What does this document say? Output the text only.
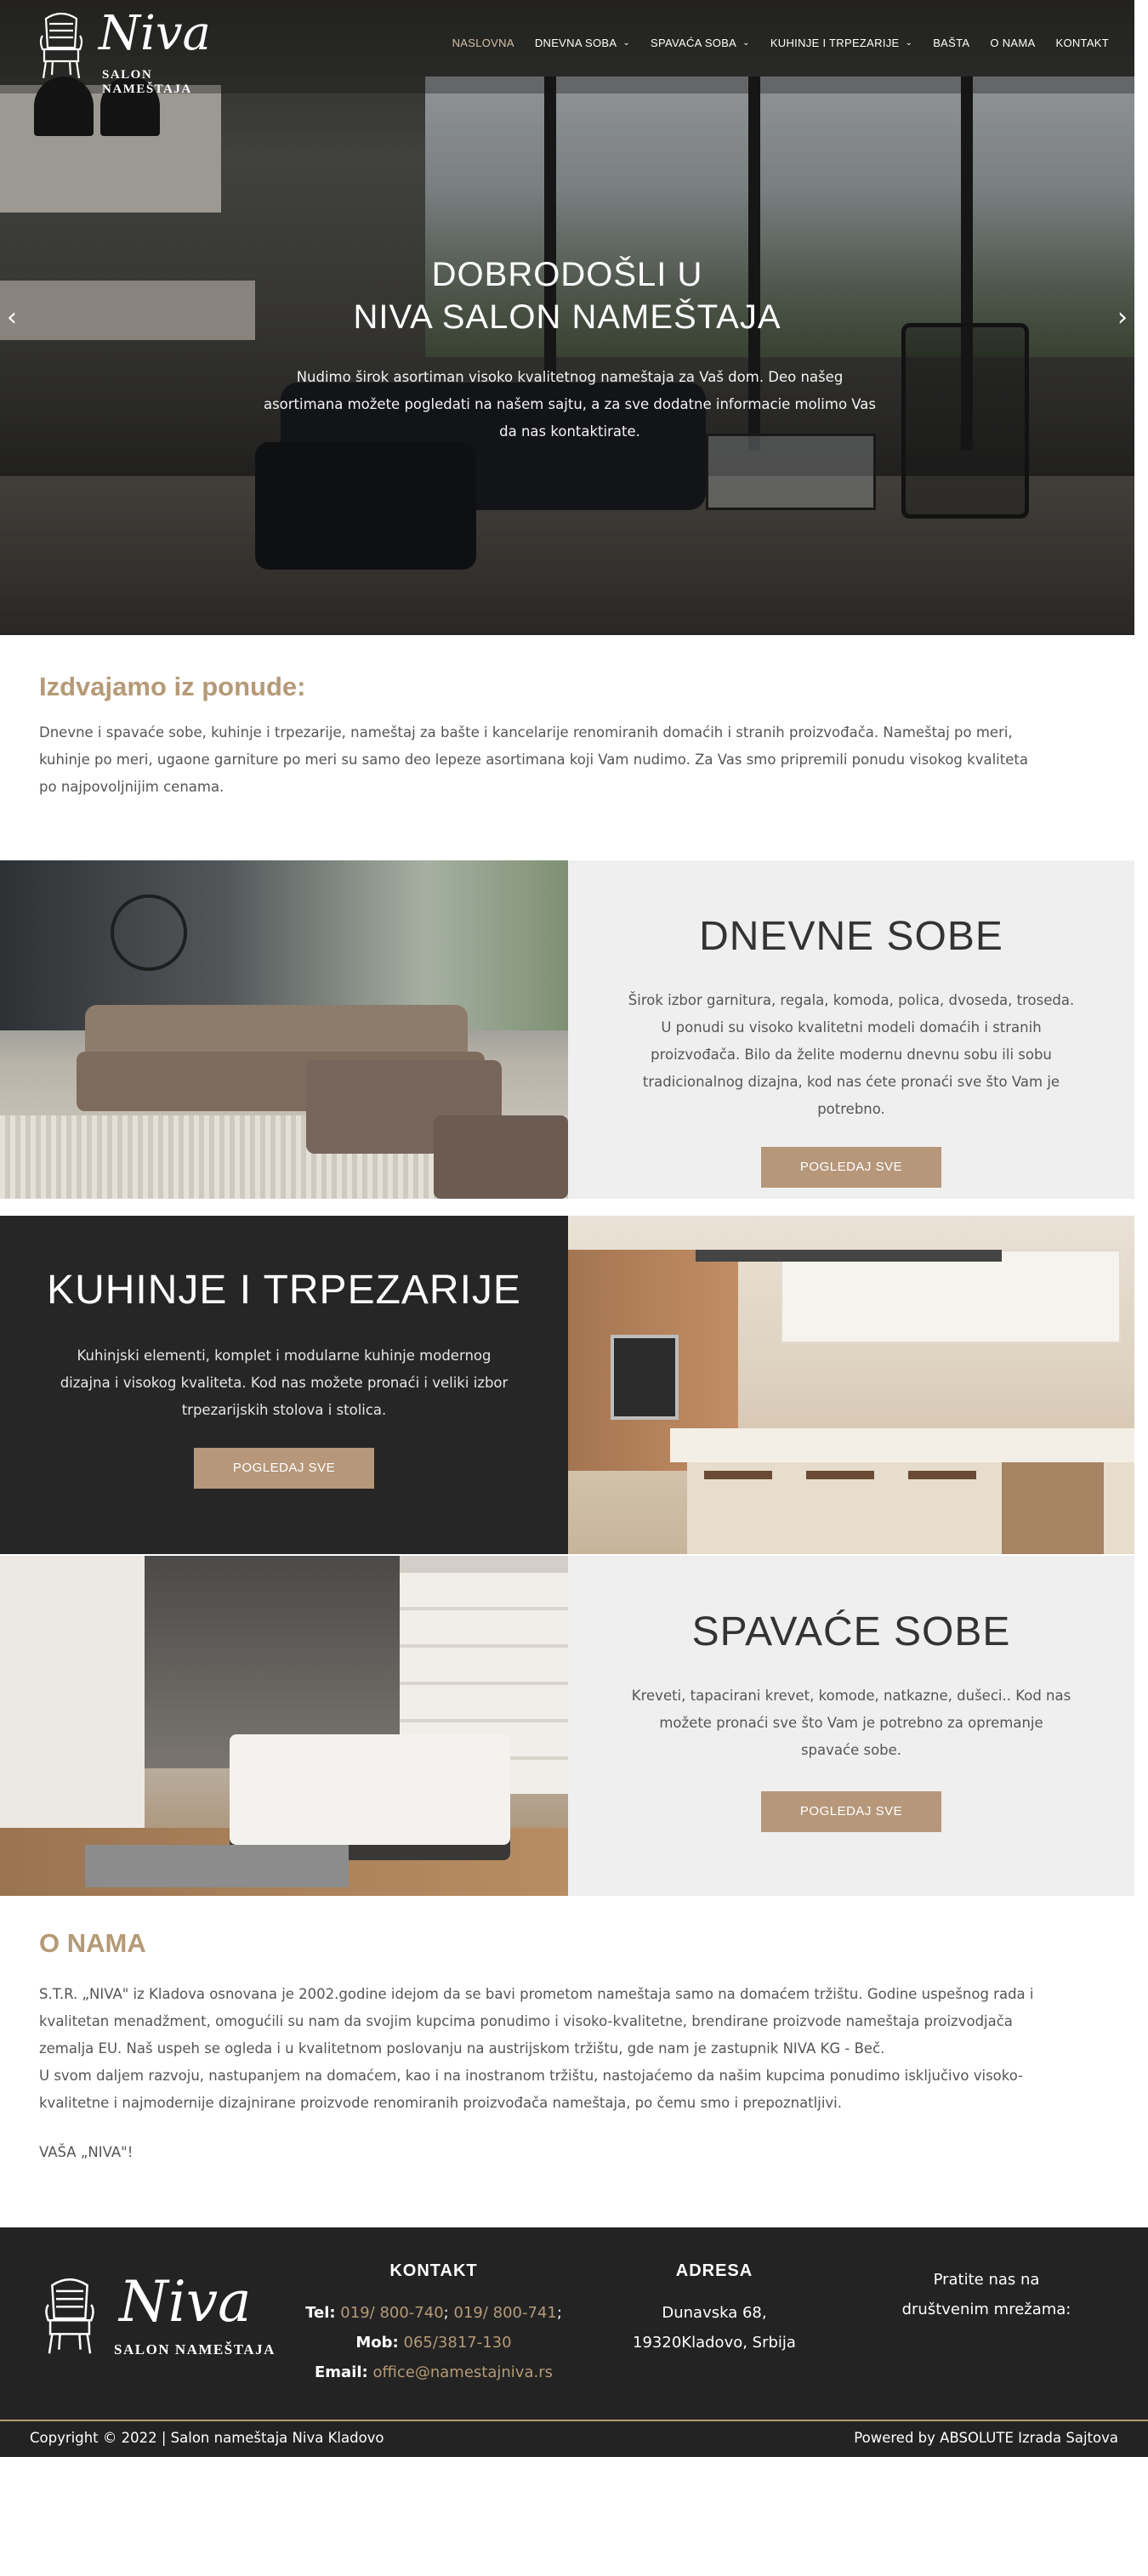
Niva
SALON NAMEŠTAJA
NASLOVNA DNEVNA SOBA ⌄ SPAVAĆA SOBA ⌄ KUHINJE I TRPEZARIJE ⌄ BAŠTA O NAMA KONTAKT
DOBRODOŠLI U
NIVA SALON NAMEŠTAJA
Nudimo širok asortiman visoko kvalitetnog nameštaja za Vaš dom. Deo našeg
asortimana možete pogledati na našem sajtu, a za sve dodatne informacie molimo Vas
da nas kontaktirate.
‹	›
Izdvajamo iz ponude:
Dnevne i spavaće sobe, kuhinje i trpezarije, nameštaj za bašte i kancelarije renomiranih domaćih i stranih proizvođača. Nameštaj po meri,
kuhinje po meri, ugaone garniture po meri su samo deo lepeze asortimana koji Vam nudimo. Za Vas smo pripremili ponudu visokog kvaliteta
po najpovoljnijim cenama.
DNEVNE SOBE

Širok izbor garnitura, regala, komoda, polica, dvoseda, troseda.

U ponudi su visoko kvalitetni modeli domaćih i stranih

proizvođača. Bilo da želite modernu dnevnu sobu ili sobu

tradicionalnog dizajna, kod nas ćete pronaći sve što Vam je

potrebno.

POGLEDAJ SVE
KUHINJE I TRPEZARIJE

Kuhinjski elementi, komplet i modularne kuhinje modernog

dizajna i visokog kvaliteta. Kod nas možete pronaći i veliki izbor

trpezarijskih stolova i stolica.

POGLEDAJ SVE
SPAVAĆE SOBE

Kreveti, tapacirani krevet, komode, natkazne, dušeci.. Kod nas

možete pronaći sve što Vam je potrebno za opremanje

spavaće sobe.

POGLEDAJ SVE
O NAMA
S.T.R. „NIVA" iz Kladova osnovana je 2002.godine idejom da se bavi prometom nameštaja samo na domaćem tržištu. Godine uspešnog rada i
kvalitetan menadžment, omogućili su nam da svojim kupcima ponudimo i visoko-kvalitetne, brendirane proizvode nameštaja proizvodjača
zemalja EU. Naš uspeh se ogleda i u kvalitetnom poslovanju na austrijskom tržištu, gde nam je zastupnik NIVA KG - Beč.
U svom daljem razvoju, nastupanjem na domaćem, kao i na inostranom tržištu, nastojaćemo da našim kupcima ponudimo isključivo visoko-
kvalitetne i najmodernije dizajnirane proizvode renomiranih proizvođača nameštaja, po čemu smo i prepoznatljivi.
VAŠA „NIVA"!
Niva
SALON NAMEŠTAJA
KONTAKT
Tel: 019/ 800-740; 019/ 800-741;
Mob: 065/3817-130
Email: office@namestajniva.rs
ADRESA
Dunavska 68,
19320Kladovo, Srbija
Pratite nas na
društvenim mrežama:
Copyright © 2022 | Salon nameštaja Niva Kladovo	Powered by ABSOLUTE Izrada Sajtova
